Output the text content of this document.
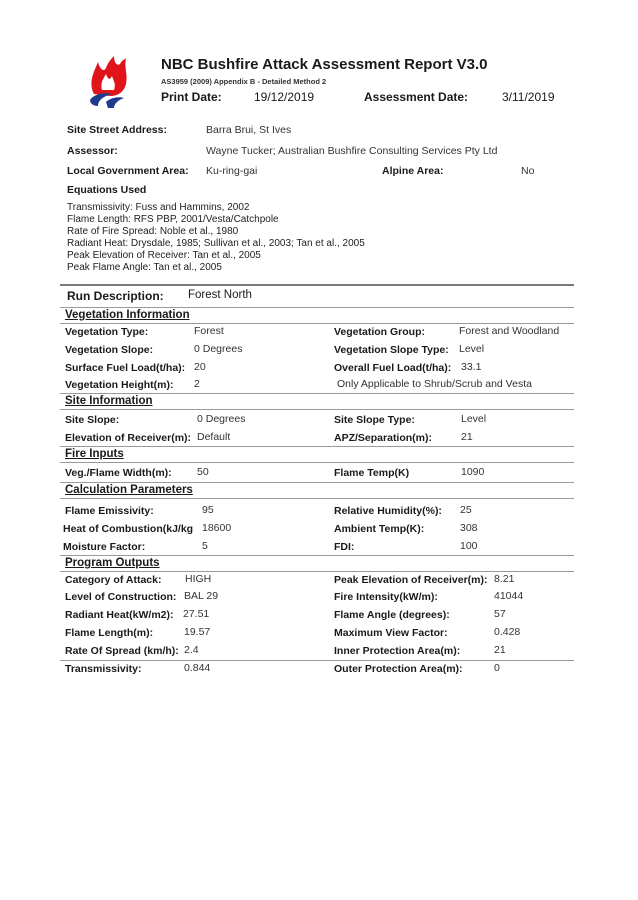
NBC Bushfire Attack Assessment Report V3.0
AS3959 (2009) Appendix B - Detailed Method 2
Print Date:	19/12/2019	Assessment Date:	3/11/2019
Site Street Address:	Barra Brui, St Ives
Assessor:	Wayne Tucker; Australian Bushfire Consulting Services Pty Ltd
Local Government Area: Ku-ring-gai	Alpine Area:	No
Equations Used
Transmissivity: Fuss and Hammins, 2002
Flame Length: RFS PBP, 2001/Vesta/Catchpole
Rate of Fire Spread: Noble et al., 1980
Radiant Heat: Drysdale, 1985; Sullivan et al., 2003; Tan et al., 2005
Peak Elevation of Receiver: Tan et al., 2005
Peak Flame Angle: Tan et al., 2005
Run Description: Forest North
Vegetation Information
Vegetation Type:	Forest	Vegetation Group:	Forest and Woodland
Vegetation Slope:	0 Degrees	Vegetation Slope Type: Level
Surface Fuel Load(t/ha): 20	Overall Fuel Load(t/ha): 33.1
Vegetation Height(m): 2	Only Applicable to Shrub/Scrub and Vesta
Site Information
Site Slope:	0 Degrees	Site Slope Type:	Level
Elevation of Receiver(m): Default	APZ/Separation(m):	21
Fire Inputs
Veg./Flame Width(m): 50	Flame Temp(K)	1090
Calculation Parameters
Flame Emissivity:	95	Relative Humidity(%): 25
Heat of Combustion(kJ/kg 18600	Ambient Temp(K):	308
Moisture Factor:	5	FDI:	100
Program Outputs
Category of Attack: HIGH	Peak Elevation of Receiver(m): 8.21
Level of Construction: BAL 29	Fire Intensity(kW/m):	41044
Radiant Heat(kW/m2): 27.51	Flame Angle (degrees):	57
Flame Length(m):	19.57	Maximum View Factor:	0.428
Rate Of Spread (km/h): 2.4	Inner Protection Area(m):	21
Transmissivity:	0.844	Outer Protection Area(m):	0
